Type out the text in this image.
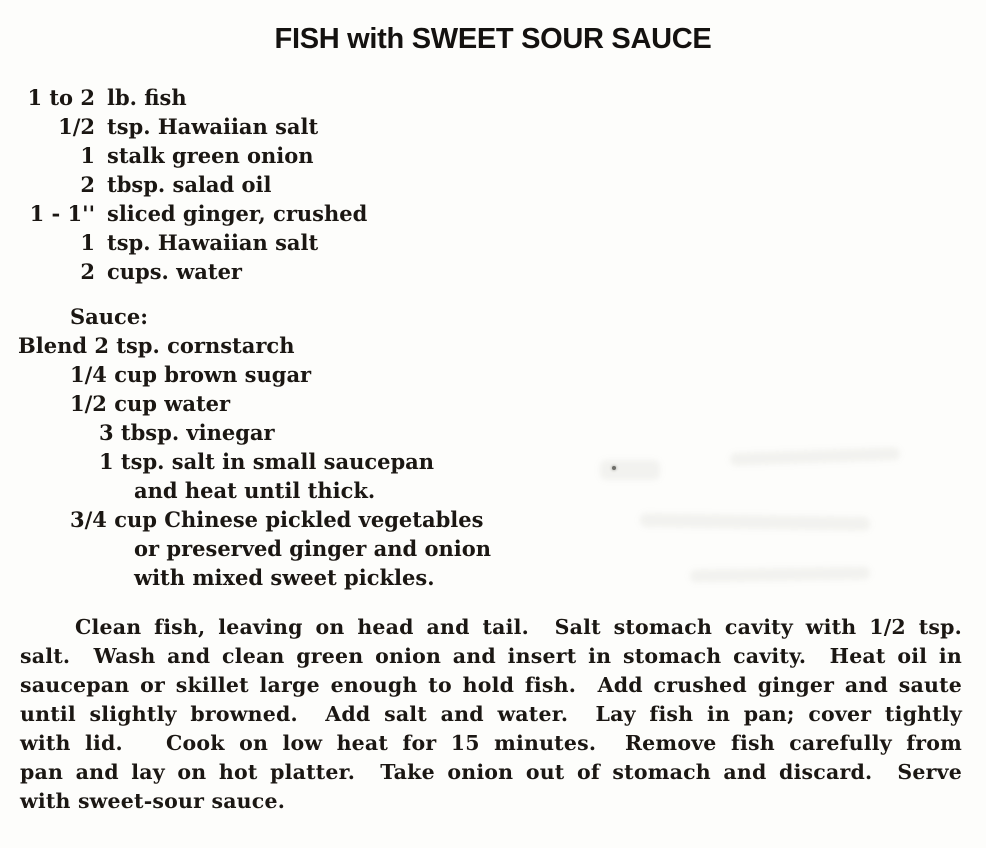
FISH with SWEET SOUR SAUCE
1 to 2 lb. fish
1/2 tsp. Hawaiian salt
1 stalk green onion
2 tbsp. salad oil
1 - 1'' sliced ginger, crushed
1 tsp. Hawaiian salt
2 cups. water
Sauce:
Blend 2 tsp. cornstarch
1/4 cup brown sugar
1/2 cup water
3 tbsp. vinegar
1 tsp. salt in small saucepan
and heat until thick.
3/4 cup Chinese pickled vegetables
or preserved ginger and onion
with mixed sweet pickles.
Clean fish, leaving on head and tail.  Salt stomach cavity with 1/2 tsp.
salt.  Wash and clean green onion and insert in stomach cavity.  Heat oil in
saucepan or skillet large enough to hold fish.  Add crushed ginger and saute
until slightly browned.  Add salt and water.  Lay fish in pan; cover tightly
with lid.   Cook on low heat for 15 minutes.  Remove fish carefully from
pan and lay on hot platter.  Take onion out of stomach and discard.  Serve
with sweet-sour sauce.
